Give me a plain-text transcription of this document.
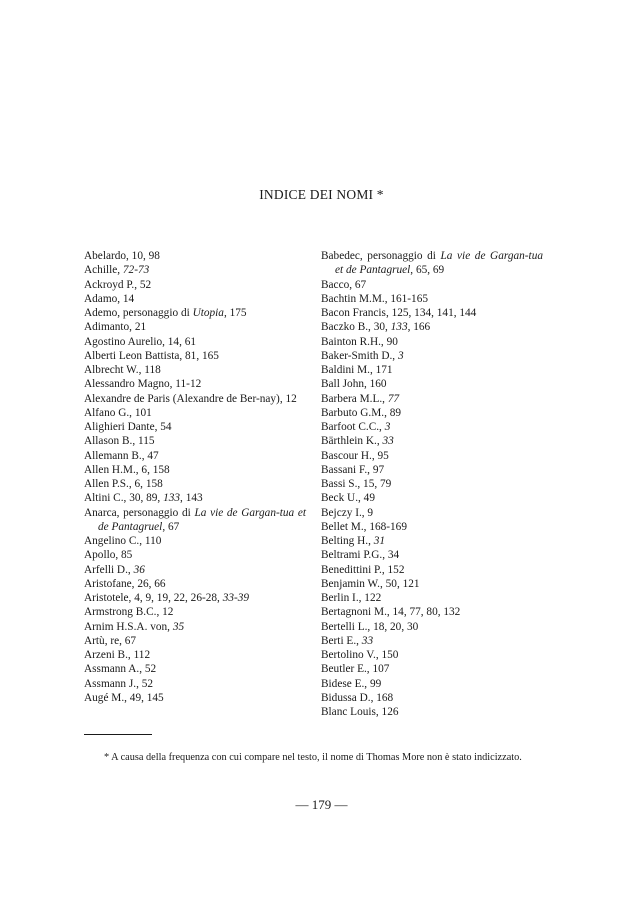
INDICE DEI NOMI *
Abelardo, 10, 98
Achille, 72-73
Ackroyd P., 52
Adamo, 14
Ademo, personaggio di Utopia, 175
Adimanto, 21
Agostino Aurelio, 14, 61
Alberti Leon Battista, 81, 165
Albrecht W., 118
Alessandro Magno, 11-12
Alexandre de Paris (Alexandre de Ber-nay), 12
Alfano G., 101
Alighieri Dante, 54
Allason B., 115
Allemann B., 47
Allen H.M., 6, 158
Allen P.S., 6, 158
Altini C., 30, 89, 133, 143
Anarca, personaggio di La vie de Gargan-tua et de Pantagruel, 67
Angelino C., 110
Apollo, 85
Arfelli D., 36
Aristofane, 26, 66
Aristotele, 4, 9, 19, 22, 26-28, 33-39
Armstrong B.C., 12
Arnim H.S.A. von, 35
Artù, re, 67
Arzeni B., 112
Assmann A., 52
Assmann J., 52
Augé M., 49, 145
Babedec, personaggio di La vie de Gargan-tua et de Pantagruel, 65, 69
Bacco, 67
Bachtin M.M., 161-165
Bacon Francis, 125, 134, 141, 144
Baczko B., 30, 133, 166
Bainton R.H., 90
Baker-Smith D., 3
Baldini M., 171
Ball John, 160
Barbera M.L., 77
Barbuto G.M., 89
Barfoot C.C., 3
Bärthlein K., 33
Bascour H., 95
Bassani F., 97
Bassi S., 15, 79
Beck U., 49
Bejczy I., 9
Bellet M., 168-169
Belting H., 31
Beltrami P.G., 34
Benedittini P., 152
Benjamin W., 50, 121
Berlin I., 122
Bertagnoni M., 14, 77, 80, 132
Bertelli L., 18, 20, 30
Berti E., 33
Bertolino V., 150
Beutler E., 107
Bidese E., 99
Bidussa D., 168
Blanc Louis, 126
* A causa della frequenza con cui compare nel testo, il nome di Thomas More non è stato indicizzato.
— 179 —
